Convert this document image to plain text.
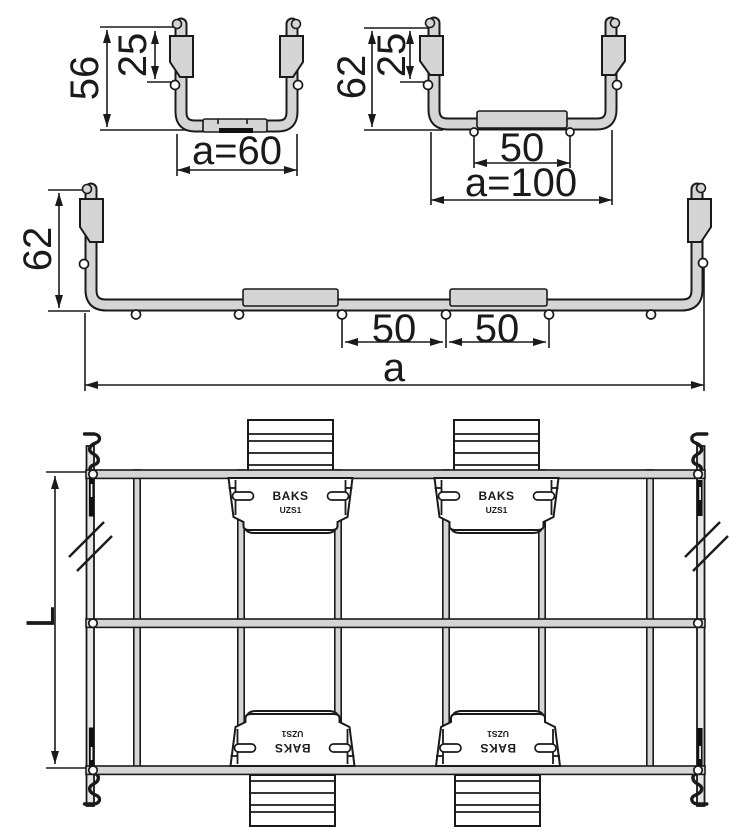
56
25
a=60
62
25
50
a=100
62
50 50
a
L
BAKS
UZS1
BAKS
UZS1
BAKS
UZS1
BAKS
UZS1
